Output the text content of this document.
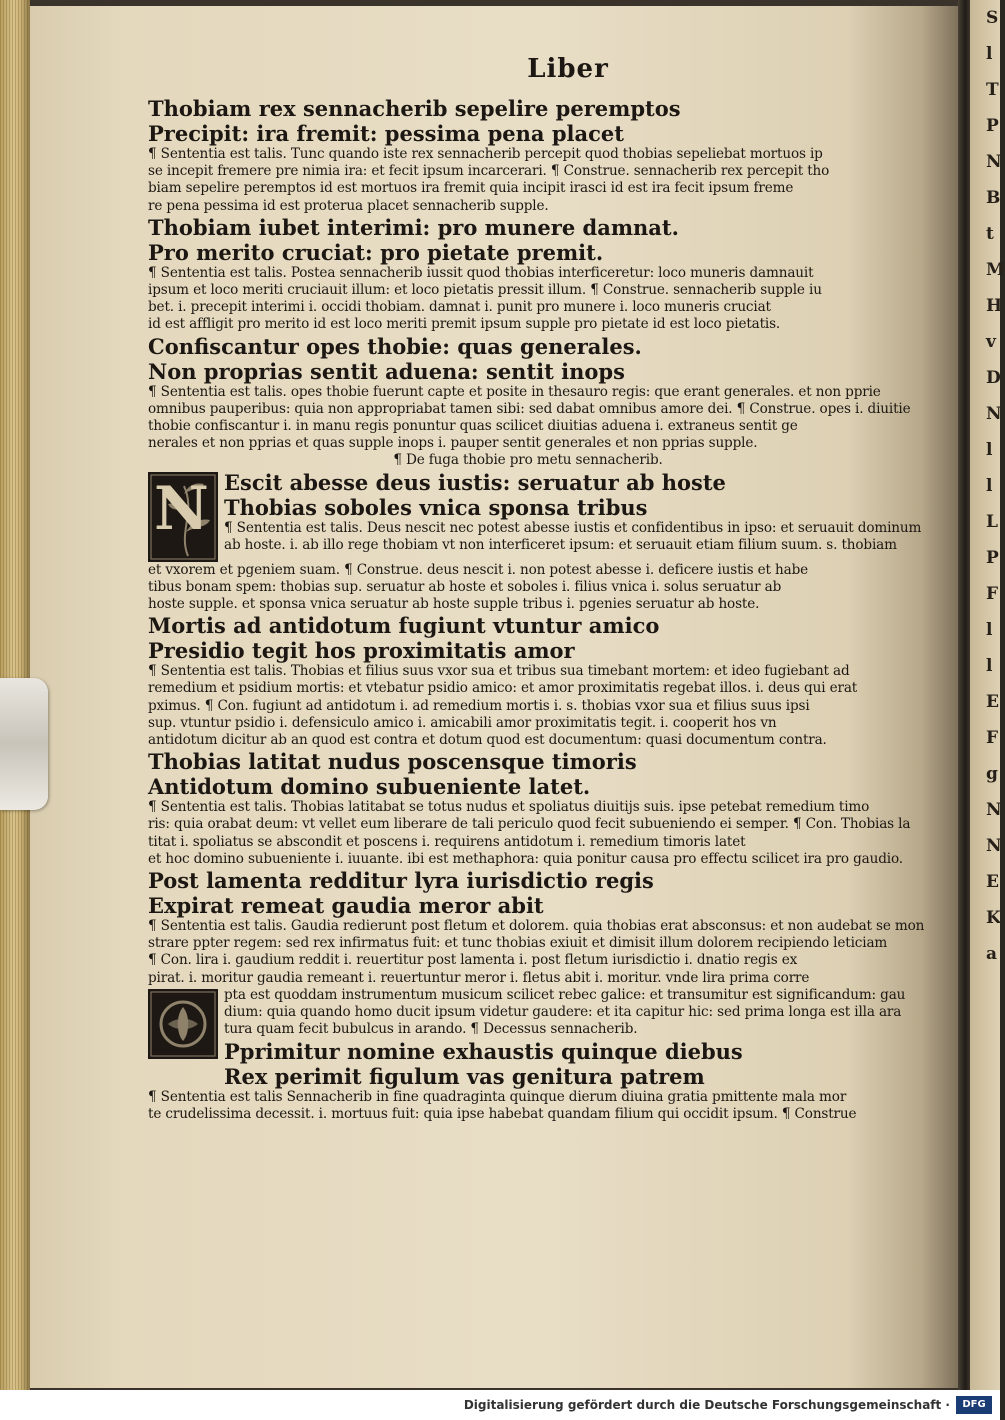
S
l
T
P
N
B
t
M
H
v
D
N
l
l
L
P
F
l
l
E
F
g
N
N
E
K
a
Liber
Thobiam rex sennacherib sepelire peremptos
Precipit: ira fremit: pessima pena placet
¶ Sententia est talis. Tunc quando iste rex sennacherib percepit quod thobias sepeliebat mortuos ip
se incepit fremere pre nimia ira: et fecit ipsum incarcerari. ¶ Construe. sennacherib rex percepit tho
biam sepelire peremptos id est mortuos ira fremit quia incipit irasci id est ira fecit ipsum freme
re pena pessima id est proterua placet sennacherib supple.
Thobiam iubet interimi: pro munere damnat.
Pro merito cruciat: pro pietate premit.
¶ Sententia est talis. Postea sennacherib iussit quod thobias interficeretur: loco muneris damnauit
ipsum et loco meriti cruciauit illum: et loco pietatis pressit illum. ¶ Construe. sennacherib supple iu
bet. i. precepit interimi i. occidi thobiam. damnat i. punit pro munere i. loco muneris cruciat
id est affligit pro merito id est loco meriti premit ipsum supple pro pietate id est loco pietatis.
Confiscantur opes thobie: quas generales.
Non proprias sentit aduena: sentit inops
¶ Sententia est talis. opes thobie fuerunt capte et posite in thesauro regis: que erant generales. et non pprie
omnibus pauperibus: quia non appropriabat tamen sibi: sed dabat omnibus amore dei. ¶ Construe. opes i. diuitie
thobie confiscantur i. in manu regis ponuntur quas scilicet diuitias aduena i. extraneus sentit ge
nerales et non pprias et quas supple inops i. pauper sentit generales et non pprias supple.
¶ De fuga thobie pro metu sennacherib.
N Escit abesse deus iustis: seruatur ab hoste
Thobias soboles vnica sponsa tribus
¶ Sententia est talis. Deus nescit nec potest abesse iustis et confidentibus in ipso: et seruauit dominum
ab hoste. i. ab illo rege thobiam vt non interficeret ipsum: et seruauit etiam filium suum. s. thobiam
et vxorem et pgeniem suam. ¶ Construe. deus nescit i. non potest abesse i. deficere iustis et habe
tibus bonam spem: thobias sup. seruatur ab hoste et soboles i. filius vnica i. solus seruatur ab
hoste supple. et sponsa vnica seruatur ab hoste supple tribus i. pgenies seruatur ab hoste.
Mortis ad antidotum fugiunt vtuntur amico
Presidio tegit hos proximitatis amor
¶ Sententia est talis. Thobias et filius suus vxor sua et tribus sua timebant mortem: et ideo fugiebant ad
remedium et psidium mortis: et vtebatur psidio amico: et amor proximitatis regebat illos. i. deus qui erat
pximus. ¶ Con. fugiunt ad antidotum i. ad remedium mortis i. s. thobias vxor sua et filius suus ipsi
sup. vtuntur psidio i. defensiculo amico i. amicabili amor proximitatis tegit. i. cooperit hos vn
antidotum dicitur ab an quod est contra et dotum quod est documentum: quasi documentum contra.
Thobias latitat nudus poscensque timoris
Antidotum domino subueniente latet.
¶ Sententia est talis. Thobias latitabat se totus nudus et spoliatus diuitijs suis. ipse petebat remedium timo
ris: quia orabat deum: vt vellet eum liberare de tali periculo quod fecit subueniendo ei semper. ¶ Con. Thobias la
titat i. spoliatus se abscondit et poscens i. requirens antidotum i. remedium timoris latet
et hoc domino subueniente i. iuuante. ibi est methaphora: quia ponitur causa pro effectu scilicet ira pro gaudio.
Post lamenta redditur lyra iurisdictio regis
Expirat remeat gaudia meror abit
¶ Sententia est talis. Gaudia redierunt post fletum et dolorem. quia thobias erat absconsus: et non audebat se mon
strare ppter regem: sed rex infirmatus fuit: et tunc thobias exiuit et dimisit illum dolorem recipiendo leticiam
¶ Con. lira i. gaudium reddit i. reuertitur post lamenta i. post fletum iurisdictio i. dnatio regis ex
pirat. i. moritur gaudia remeant i. reuertuntur meror i. fletus abit i. moritur. vnde lira prima corre
pta est quoddam instrumentum musicum scilicet rebec galice: et transumitur est significandum: gau
dium: quia quando homo ducit ipsum videtur gaudere: et ita capitur hic: sed prima longa est illa ara
tura quam fecit bubulcus in arando. ¶ Decessus sennacherib.
Pprimitur nomine exhaustis quinque diebus
Rex perimit figulum vas genitura patrem
¶ Sententia est talis Sennacherib in fine quadraginta quinque dierum diuina gratia pmittente mala mor
te crudelissima decessit. i. mortuus fuit: quia ipse habebat quandam filium qui occidit ipsum. ¶ Construe
Digitalisierung gefördert durch die Deutsche Forschungsgemeinschaft ·	DFG
